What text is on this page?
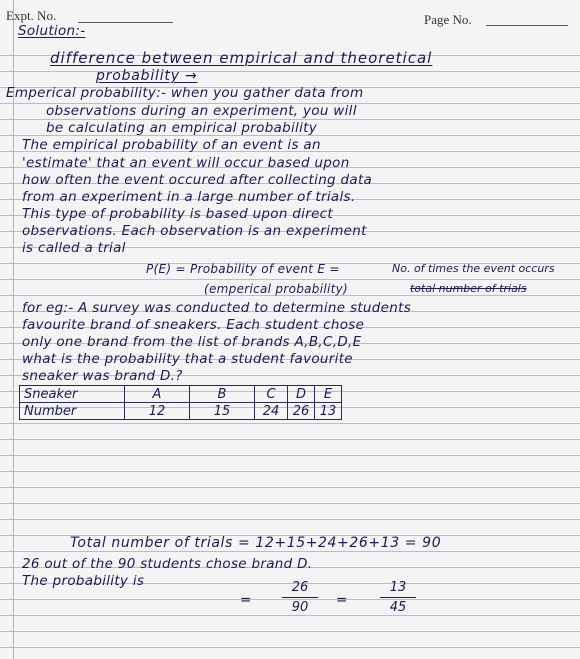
Expt. No.	Page No.
Solution:-
difference between empirical and theoretical
probability →
Emperical probability:- when you gather data from
observations during an experiment, you will
be calculating an empirical probability
The empirical probability of an event is an
'estimate' that an event will occur based upon
how often the event occured after collecting data
from an experiment in a large number of trials.
This type of probability is based upon direct
observations. Each observation is an experiment
is called a trial
P(E) = Probability of event E =	No. of times the event occurs
(emperical probability)	total number of trials
for eg:- A survey was conducted to determine students
favourite brand of sneakers. Each student chose
only one brand from the list of brands A,B,C,D,E
what is the probability that a student favourite
sneaker was brand D.?
Sneaker	A	B	C	D	E
Number	12	15	24	26	13
Total number of trials = 12+15+24+26+13 = 90
26 out of the 90 students chose brand D.
The probability is
=
26
90	=
13
45
